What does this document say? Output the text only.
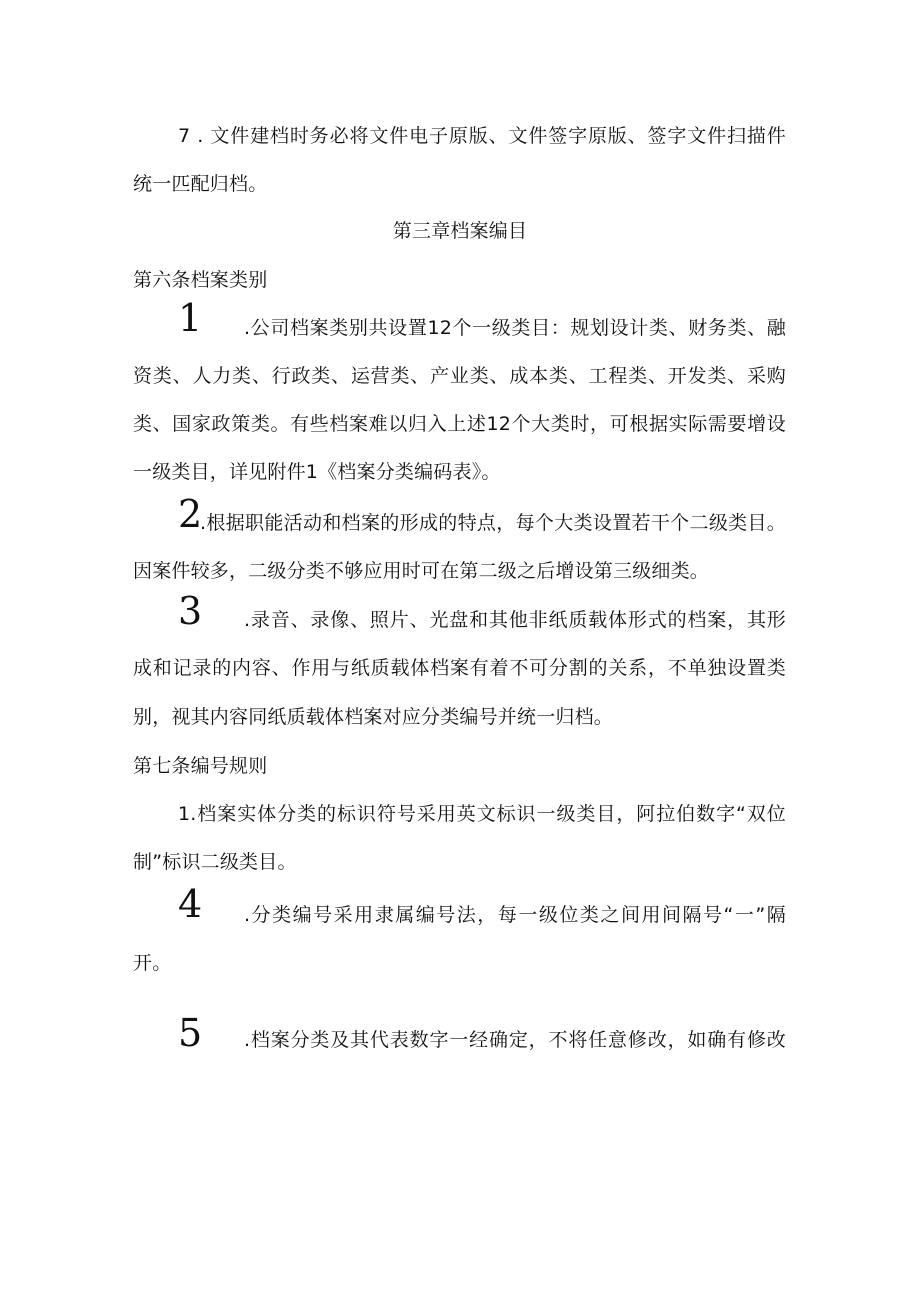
7 . 文件建档时务必将文件电子原版、文件签字原版、签字文件扫描件
统一匹配归档。
第三章档案编目
第六条档案类别
1 .公司档案类别共设置12个一级类目：规划设计类、财务类、融
资类、人力类、行政类、运营类、产业类、成本类、工程类、开发类、采购
类、国家政策类。有些档案难以归入上述12个大类时，可根据实际需要增设
一级类目，详见附件1《档案分类编码表》。
2
.根据职能活动和档案的形成的特点，每个大类设置若干个二级类目。
因案件较多，二级分类不够应用时可在第二级之后增设第三级细类。
3 .录音、录像、照片、光盘和其他非纸质载体形式的档案，其形
成和记录的内容、作用与纸质载体档案有着不可分割的关系，不单独设置类
别，视其内容同纸质载体档案对应分类编号并统一归档。
第七条编号规则
1.档案实体分类的标识符号采用英文标识一级类目，阿拉伯数字“双位
制”标识二级类目。
4 .分类编号采用隶属编号法，每一级位类之间用间隔号“一”隔
开。
5 .档案分类及其代表数字一经确定，不将任意修改，如确有修改
